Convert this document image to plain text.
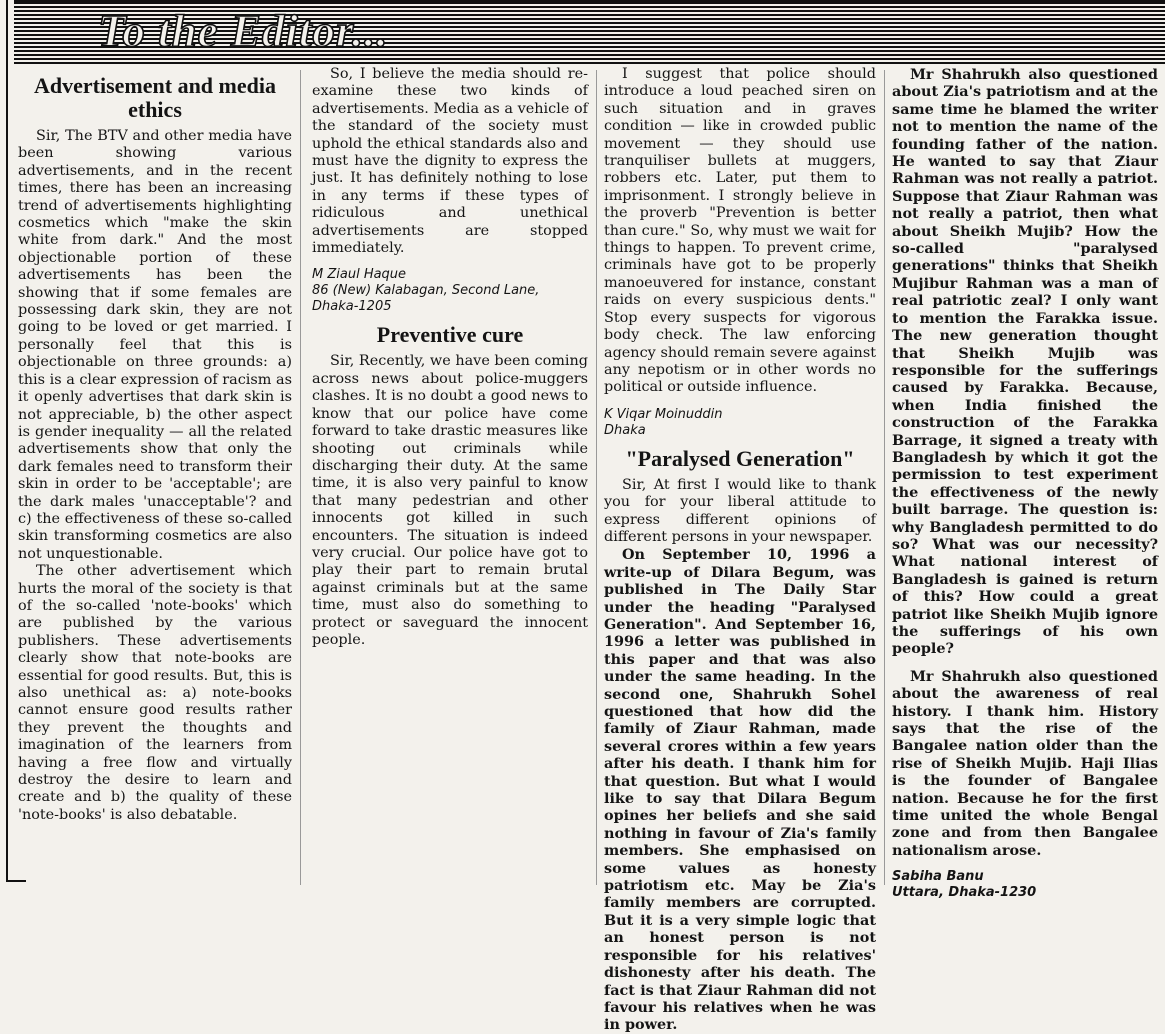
To the Editor...
Advertisement and media ethics

Sir, The BTV and other media have been showing various advertisements, and in the recent times, there has been an increasing trend of advertisements highlighting cosmetics which "make the skin white from dark." And the most objectionable portion of these advertisements has been the showing that if some females are possessing dark skin, they are not going to be loved or get married. I personally feel that this is objectionable on three grounds: a) this is a clear expression of racism as it openly advertises that dark skin is not appreciable, b) the other aspect is gender inequality — all the related advertisements show that only the dark females need to transform their skin in order to be 'acceptable'; are the dark males 'unacceptable'? and c) the effectiveness of these so-called skin transforming cosmetics are also not unquestionable.

The other advertisement which hurts the moral of the society is that of the so-called 'note-books' which are published by the various publishers. These advertisements clearly show that note-books are essential for good results. But, this is also unethical as: a) note-books cannot ensure good results rather they prevent the thoughts and imagination of the learners from having a free flow and virtually destroy the desire to learn and create and b) the quality of these 'note-books' is also debatable.

So, I believe the media should re-examine these two kinds of advertisements. Media as a vehicle of the standard of the society must uphold the ethical standards also and must have the dignity to express the just. It has definitely nothing to lose in any terms if these types of ridiculous and unethical advertisements are stopped immediately.

M Ziaul Haque
86 (New) Kalabagan, Second Lane, Dhaka-1205
Preventive cure

Sir, Recently, we have been coming across news about police-muggers clashes. It is no doubt a good news to know that our police have come forward to take drastic measures like shooting out criminals while discharging their duty. At the same time, it is also very painful to know that many pedestrian and other innocents got killed in such encounters. The situation is indeed very crucial. Our police have got to play their part to remain brutal against criminals but at the same time, must also do something to protect or saveguard the innocent people.

I suggest that police should introduce a loud peached siren on such situation and in graves condition — like in crowded public movement — they should use tranquiliser bullets at muggers, robbers etc. Later, put them to imprisonment. I strongly believe in the proverb "Prevention is better than cure." So, why must we wait for things to happen. To prevent crime, criminals have got to be properly manoeuvered for instance, constant raids on every suspicious dents." Stop every suspects for vigorous body check. The law enforcing agency should remain severe against any nepotism or in other words no political or outside influence.

K Viqar Moinuddin
Dhaka
"Paralysed Generation"

Sir, At first I would like to thank you for your liberal attitude to express different opinions of different persons in your newspaper.

On September 10, 1996 a write-up of Dilara Begum, was published in The Daily Star under the heading "Paralysed Generation". And September 16, 1996 a letter was published in this paper and that was also under the same heading. In the second one, Shahrukh Sohel questioned that how did the family of Ziaur Rahman, made several crores within a few years after his death. I thank him for that question. But what I would like to say that Dilara Begum opines her beliefs and she said nothing in favour of Zia's family members. She emphasised on some values as honesty patriotism etc. May be Zia's family members are corrupted. But it is a very simple logic that an honest person is not responsible for his relatives' dishonesty after his death. The fact is that Ziaur Rahman did not favour his relatives when he was in power.

Mr Shahrukh also questioned about Zia's patriotism and at the same time he blamed the writer not to mention the name of the founding father of the nation. He wanted to say that Ziaur Rahman was not really a patriot. Suppose that Ziaur Rahman was not really a patriot, then what about Sheikh Mujib? How the so-called "paralysed generations" thinks that Sheikh Mujibur Rahman was a man of real patriotic zeal? I only want to mention the Farakka issue. The new generation thought that Sheikh Mujib was responsible for the sufferings caused by Farakka. Because, when India finished the construction of the Farakka Barrage, it signed a treaty with Bangladesh by which it got the permission to test experiment the effectiveness of the newly built barrage. The question is: why Bangladesh permitted to do so? What was our necessity? What national interest of Bangladesh is gained is return of this? How could a great patriot like Sheikh Mujib ignore the sufferings of his own people?

Mr Shahrukh also questioned about the awareness of real history. I thank him. History says that the rise of the Bangalee nation older than the rise of Sheikh Mujib. Haji Ilias is the founder of Bangalee nation. Because he for the first time united the whole Bengal zone and from then Bangalee nationalism arose.

Sabiha Banu
Uttara, Dhaka-1230
